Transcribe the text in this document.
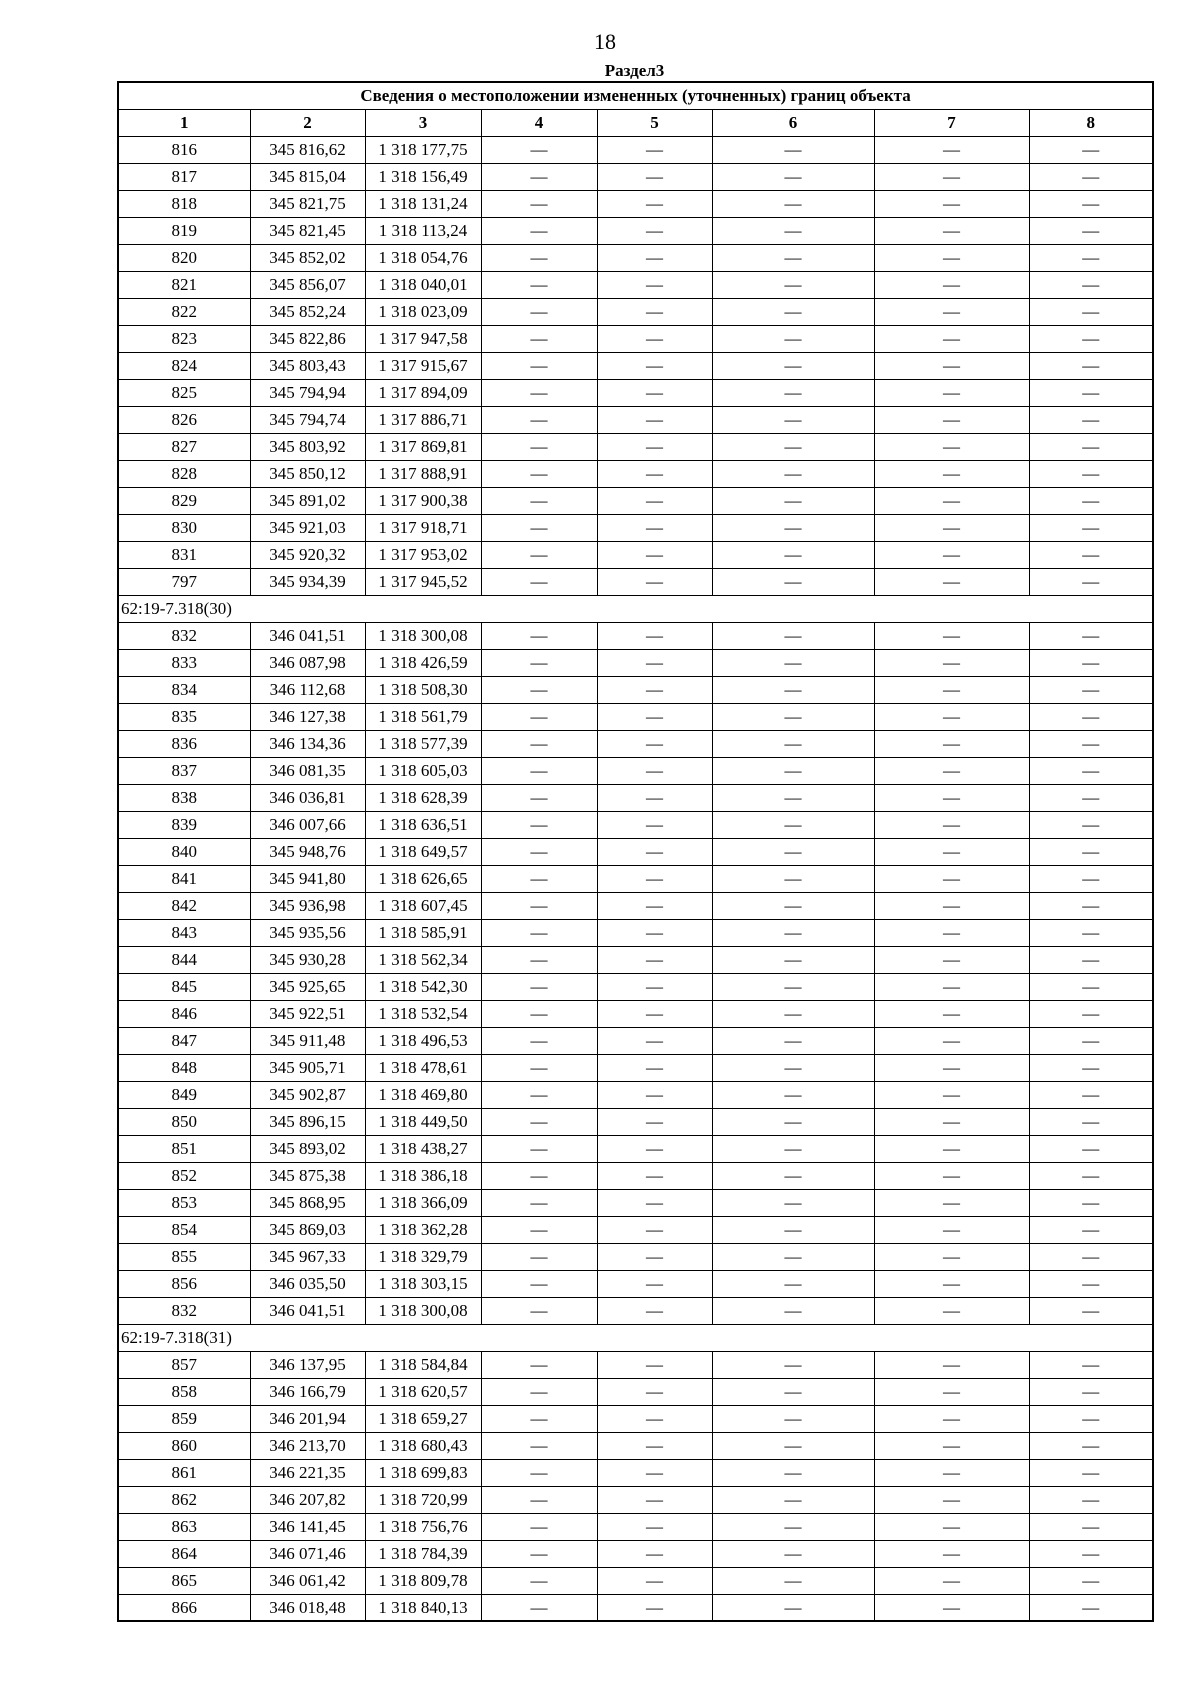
18
Раздел3
Сведения о местоположении измененных (уточненных) границ объекта							
1	2	3	4	5	6	7	8
816	345 816,62	1 318 177,75	—	—	—	—	—
817	345 815,04	1 318 156,49	—	—	—	—	—
818	345 821,75	1 318 131,24	—	—	—	—	—
819	345 821,45	1 318 113,24	—	—	—	—	—
820	345 852,02	1 318 054,76	—	—	—	—	—
821	345 856,07	1 318 040,01	—	—	—	—	—
822	345 852,24	1 318 023,09	—	—	—	—	—
823	345 822,86	1 317 947,58	—	—	—	—	—
824	345 803,43	1 317 915,67	—	—	—	—	—
825	345 794,94	1 317 894,09	—	—	—	—	—
826	345 794,74	1 317 886,71	—	—	—	—	—
827	345 803,92	1 317 869,81	—	—	—	—	—
828	345 850,12	1 317 888,91	—	—	—	—	—
829	345 891,02	1 317 900,38	—	—	—	—	—
830	345 921,03	1 317 918,71	—	—	—	—	—
831	345 920,32	1 317 953,02	—	—	—	—	—
797	345 934,39	1 317 945,52	—	—	—	—	—
62:19-7.318(30)							
832	346 041,51	1 318 300,08	—	—	—	—	—
833	346 087,98	1 318 426,59	—	—	—	—	—
834	346 112,68	1 318 508,30	—	—	—	—	—
835	346 127,38	1 318 561,79	—	—	—	—	—
836	346 134,36	1 318 577,39	—	—	—	—	—
837	346 081,35	1 318 605,03	—	—	—	—	—
838	346 036,81	1 318 628,39	—	—	—	—	—
839	346 007,66	1 318 636,51	—	—	—	—	—
840	345 948,76	1 318 649,57	—	—	—	—	—
841	345 941,80	1 318 626,65	—	—	—	—	—
842	345 936,98	1 318 607,45	—	—	—	—	—
843	345 935,56	1 318 585,91	—	—	—	—	—
844	345 930,28	1 318 562,34	—	—	—	—	—
845	345 925,65	1 318 542,30	—	—	—	—	—
846	345 922,51	1 318 532,54	—	—	—	—	—
847	345 911,48	1 318 496,53	—	—	—	—	—
848	345 905,71	1 318 478,61	—	—	—	—	—
849	345 902,87	1 318 469,80	—	—	—	—	—
850	345 896,15	1 318 449,50	—	—	—	—	—
851	345 893,02	1 318 438,27	—	—	—	—	—
852	345 875,38	1 318 386,18	—	—	—	—	—
853	345 868,95	1 318 366,09	—	—	—	—	—
854	345 869,03	1 318 362,28	—	—	—	—	—
855	345 967,33	1 318 329,79	—	—	—	—	—
856	346 035,50	1 318 303,15	—	—	—	—	—
832	346 041,51	1 318 300,08	—	—	—	—	—
62:19-7.318(31)							
857	346 137,95	1 318 584,84	—	—	—	—	—
858	346 166,79	1 318 620,57	—	—	—	—	—
859	346 201,94	1 318 659,27	—	—	—	—	—
860	346 213,70	1 318 680,43	—	—	—	—	—
861	346 221,35	1 318 699,83	—	—	—	—	—
862	346 207,82	1 318 720,99	—	—	—	—	—
863	346 141,45	1 318 756,76	—	—	—	—	—
864	346 071,46	1 318 784,39	—	—	—	—	—
865	346 061,42	1 318 809,78	—	—	—	—	—
866	346 018,48	1 318 840,13	—	—	—	—	—
